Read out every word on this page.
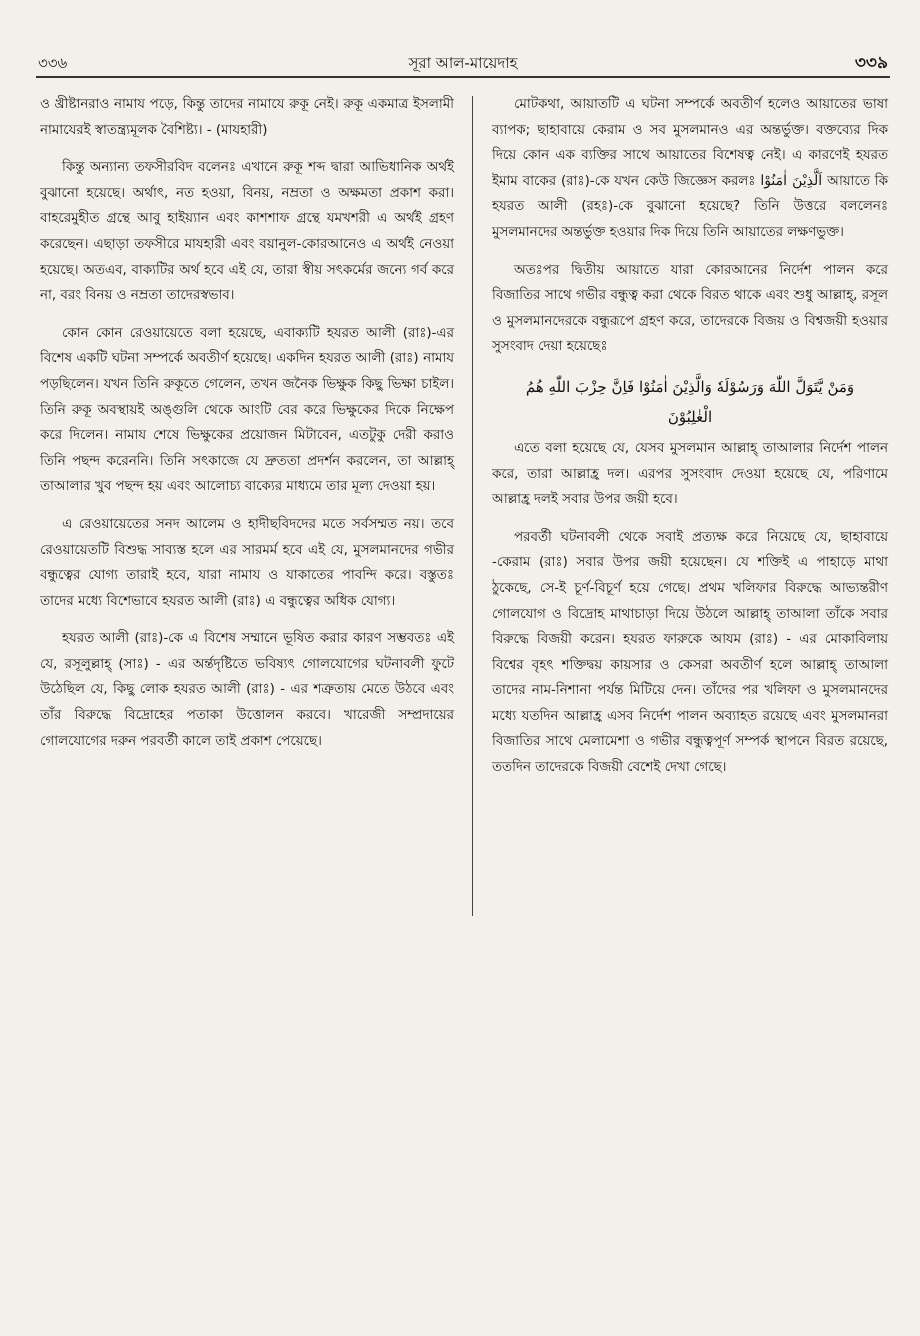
৩৩৬	সূরা আল-মায়েদাহ	৩৩৯

ও খ্রীষ্টানরাও নামায পড়ে, কিন্তু তাদের নামাযে রুকূ নেই। রুকূ একমাত্র ইসলামী নামাযেরই স্বাতন্ত্র্যমূলক বৈশিষ্ট্য। - (মাযহারী)

কিন্তু অন্যান্য তফসীরবিদ বলেনঃ এখানে রুকূ শব্দ দ্বারা আভিধানিক অর্থই বুঝানো হয়েছে। অর্থাৎ, নত হওয়া, বিনয়, নম্রতা ও অক্ষমতা প্রকাশ করা। বাহরেমুহীত গ্রন্থে আবু হাইয়্যান এবং কাশশাফ গ্রন্থে যমখশরী এ অর্থই গ্রহণ করেছেন। এছাড়া তফসীরে মাযহারী এবং বয়ানুল-কোরআনেও এ অর্থই নেওয়া হয়েছে। অতএব, বাক্যটির অর্থ হবে এই যে, তারা স্বীয় সৎকর্মের জন্যে গর্ব করে না, বরং বিনয় ও নম্রতা তাদেরস্বভাব।

কোন কোন রেওয়ায়েতে বলা হয়েছে, এবাক্যটি হযরত আলী (রাঃ)-এর বিশেষ একটি ঘটনা সম্পর্কে অবতীর্ণ হয়েছে। একদিন হযরত আলী (রাঃ) নামায পড়ছিলেন। যখন তিনি রুকূতে গেলেন, তখন জনৈক ভিক্ষুক কিছু ভিক্ষা চাইল। তিনি রুকূ অবস্থায়ই অঙ্গুলি থেকে আংটি বের করে ভিক্ষুকের দিকে নিক্ষেপ করে দিলেন। নামায শেষে ভিক্ষুকের প্রয়োজন মিটাবেন, এতটুকু দেরী করাও তিনি পছন্দ করেননি। তিনি সৎকাজে যে দ্রুততা প্রদর্শন করলেন, তা আল্লাহ্ তাআলার খুব পছন্দ হয় এবং আলোচ্য বাক্যের মাধ্যমে তার মূল্য দেওয়া হয়।

এ রেওয়ায়েতের সনদ আলেম ও হাদীছবিদদের মতে সর্বসম্মত নয়। তবে রেওয়ায়েতটি বিশুদ্ধ সাব্যস্ত হলে এর সারমর্ম হবে এই যে, মুসলমানদের গভীর বন্ধুত্বের যোগ্য তারাই হবে, যারা নামায ও যাকাতের পাবন্দি করে। বস্তুতঃ তাদের মধ্যে বিশেভাবে হযরত আলী (রাঃ) এ বন্ধুত্বের অধিক যোগ্য।

হযরত আলী (রাঃ)-কে এ বিশেষ সম্মানে ভূষিত করার কারণ সম্ভবতঃ এই যে, রসূলুল্লাহ্ (সাঃ) - এর অর্ন্তদৃষ্টিতে ভবিষ্যৎ গোলযোগের ঘটনাবলী ফুটে উঠেছিল যে, কিছু লোক হযরত আলী (রাঃ) - এর শত্রুতায় মেতে উঠবে এবং তাঁর বিরুদ্ধে বিদ্রোহের পতাকা উত্তোলন করবে। খারেজী সম্প্রদায়ের গোলযোগের দরুন পরবর্তী কালে তাই প্রকাশ পেয়েছে।

মোটকথা, আয়াতটি এ ঘটনা সম্পর্কে অবতীর্ণ হলেও আয়াতের ভাষা ব্যাপক; ছাহাবায়ে কেরাম ও সব মুসলমানও এর অন্তর্ভুক্ত। বক্তব্যের দিক দিয়ে কোন এক ব্যক্তির সাথে আয়াতের বিশেষত্ব নেই। এ কারণেই হযরত ইমাম বাকের (রাঃ)-কে যখন কেউ জিজ্ঞেস করলঃ اَلَّذِيْنَ اٰمَنُوْا আয়াতে কি হযরত আলী (রহঃ)-কে বুঝানো হয়েছে? তিনি উত্তরে বললেনঃ মুসলমানদের অন্তর্ভুক্ত হওয়ার দিক দিয়ে তিনি আয়াতের লক্ষণভুক্ত।

অতঃপর দ্বিতীয় আয়াতে যারা কোরআনের নির্দেশ পালন করে বিজাতির সাথে গভীর বন্ধুত্ব করা থেকে বিরত থাকে এবং শুধু আল্লাহ্, রসূল ও মুসলমানদেরকে বন্ধুরূপে গ্রহণ করে, তাদেরকে বিজয় ও বিশ্বজয়ী হওয়ার সুসংবাদ দেয়া হয়েছেঃ

وَمَنْ يَّتَوَلَّ اللّٰهَ وَرَسُوْلَهٗ وَالَّذِيْنَ اٰمَنُوْا فَاِنَّ حِزْبَ اللّٰهِ هُمُ
الْغٰلِبُوْنَ

এতে বলা হয়েছে যে, যেসব মুসলমান আল্লাহ্ তাআলার নির্দেশ পালন করে, তারা আল্লাহ্র দল। এরপর সুসংবাদ দেওয়া হয়েছে যে, পরিণামে আল্লাহ্র দলই সবার উপর জয়ী হবে।

পরবর্তী ঘটনাবলী থেকে সবাই প্রত্যক্ষ করে নিয়েছে যে, ছাহাবায়ে -কেরাম (রাঃ) সবার উপর জয়ী হয়েছেন। যে শক্তিই এ পাহাড়ে মাথা ঠুকেছে, সে-ই চূর্ণ-বিচূর্ণ হয়ে গেছে। প্রথম খলিফার বিরুদ্ধে আভ্যন্তরীণ গোলযোগ ও বিদ্রোহ মাথাচাড়া দিয়ে উঠলে আল্লাহ্ তাআলা তাঁকে সবার বিরুদ্ধে বিজয়ী করেন। হযরত ফারুকে আযম (রাঃ) - এর মোকাবিলায় বিশ্বের বৃহৎ শক্তিদ্বয় কায়সার ও কেসরা অবতীর্ণ হলে আল্লাহ্ তাআলা তাদের নাম-নিশানা পর্যন্ত মিটিয়ে দেন। তাঁদের পর খলিফা ও মুসলমানদের মধ্যে যতদিন আল্লাহ্র এসব নির্দেশ পালন অব্যাহত রয়েছে এবং মুসলমানরা বিজাতির সাথে মেলামেশা ও গভীর বন্ধুত্বপূর্ণ সম্পর্ক স্থাপনে বিরত রয়েছে, ততদিন তাদেরকে বিজয়ী বেশেই দেখা গেছে।
